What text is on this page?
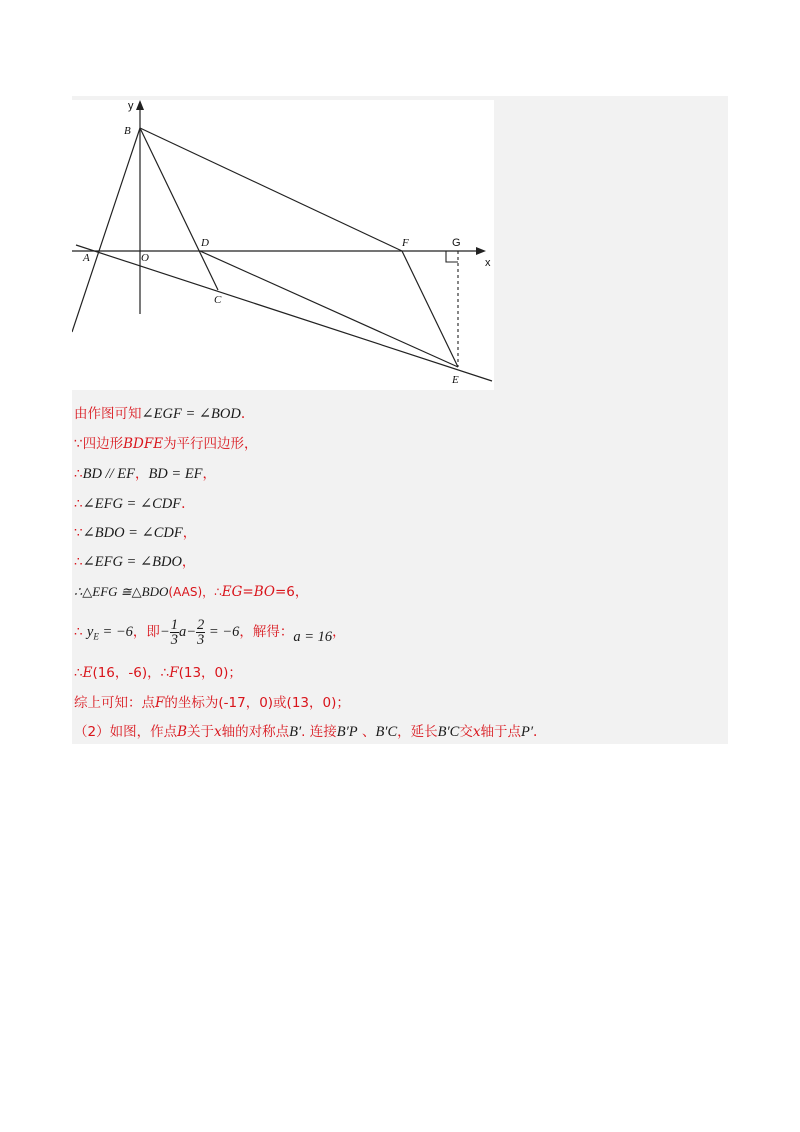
y
B
A	O
D
C
F	G
x
E
由作图可知∠EGF = ∠BOD.
∵四边形BDFE为平行四边形，
∴BD // EF，BD = EF，
∴∠EFG = ∠CDF.
∵∠BDO = ∠CDF，
∴∠EFG = ∠BDO，
∴△EFG ≅△BDO(AAS)，∴EG=BO=6，
∴ $y_E = -6$，即− $\frac{1}{3} a- \frac{2}{3} = -6$，解得：a = 16，
∴E(16，-6)，∴F(13，0)；
综上可知：点F的坐标为(-17，0)或(13，0)；
（2）如图，作点B关于x轴的对称点B′. 连接B′P 、B′C，延长B′C交x轴于点P′.
